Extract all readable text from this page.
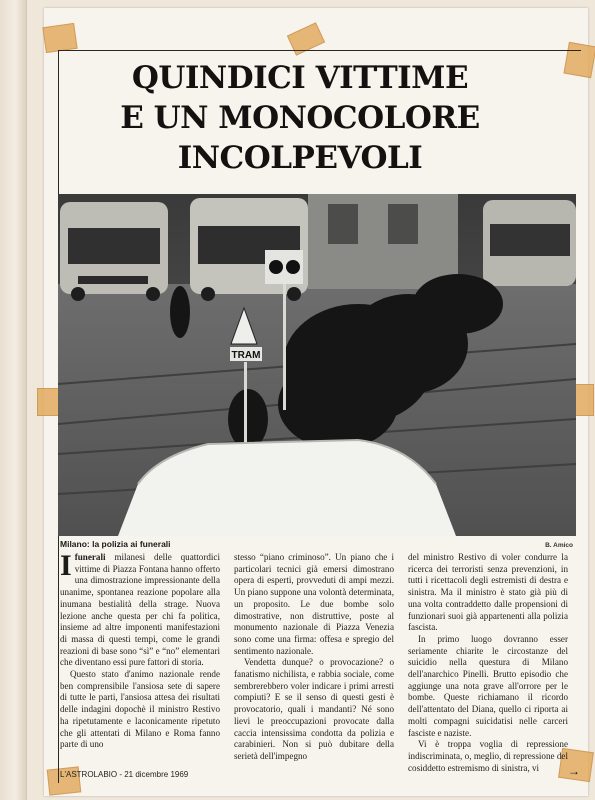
QUINDICI VITTIME
E UN MONOCOLORE
INCOLPEVOLI
TRAM
Milano: la polizia ai funerali	B. Amico

Ifunerali milanesi delle quattordici vittime di Piazza Fontana hanno offerto una dimostrazione impressionante della unanime, spontanea reazione popolare alla inumana bestialità della strage. Nuova lezione anche questa per chi fa politica, insieme ad altre imponenti manifestazioni di massa di questi tempi, come le grandi reazioni di base sono “sì” e “no” elementari che diventano essi pure fattori di storia.

Questo stato d'animo nazionale rende ben comprensibile l'ansiosa sete di sapere di tutte le parti, l'ansiosa attesa dei risultati delle indagini dopochè il ministro Restivo ha ripetutamente e laconicamente ripetuto che gli attentati di Milano e Roma fanno parte di uno

stesso “piano criminoso”. Un piano che i particolari tecnici già emersi dimostrano opera di esperti, provveduti di ampi mezzi. Un piano suppone una volontà determinata, un proposito. Le due bombe solo dimostrative, non distruttive, poste al monumento nazionale di Piazza Venezia sono come una firma: offesa e spregio del sentimento nazionale.

Vendetta dunque? o provocazione? o fanatismo nichilista, e rabbia sociale, come sembrerebbero voler indicare i primi arresti compiuti? E se il senso di questi gesti è provocatorio, quali i mandanti? Né sono lievi le preoccupazioni provocate dalla caccia intensissima condotta da polizia e carabinieri. Non si può dubitare della serietà dell'impegno

del ministro Restivo di voler condurre la ricerca dei terroristi senza prevenzioni, in tutti i ricettacoli degli estremisti di destra e sinistra. Ma il ministro è stato già più di una volta contraddetto dalle propensioni di funzionari suoi già appartenenti alla polizia fascista.

In primo luogo dovranno esser seriamente chiarite le circostanze del suicidio nella questura di Milano dell'anarchico Pinelli. Brutto episodio che aggiunge una nota grave all'orrore per le bombe. Queste richiamano il ricordo dell'attentato del Diana, quello ci riporta ai molti compagni suicidatisi nelle carceri fasciste e naziste.

Vi è troppa voglia di repressione indiscriminata, o, meglio, di repressione del cosiddetto estremismo di sinistra, vi

L'ASTROLABIO - 21 dicembre 1969	→
